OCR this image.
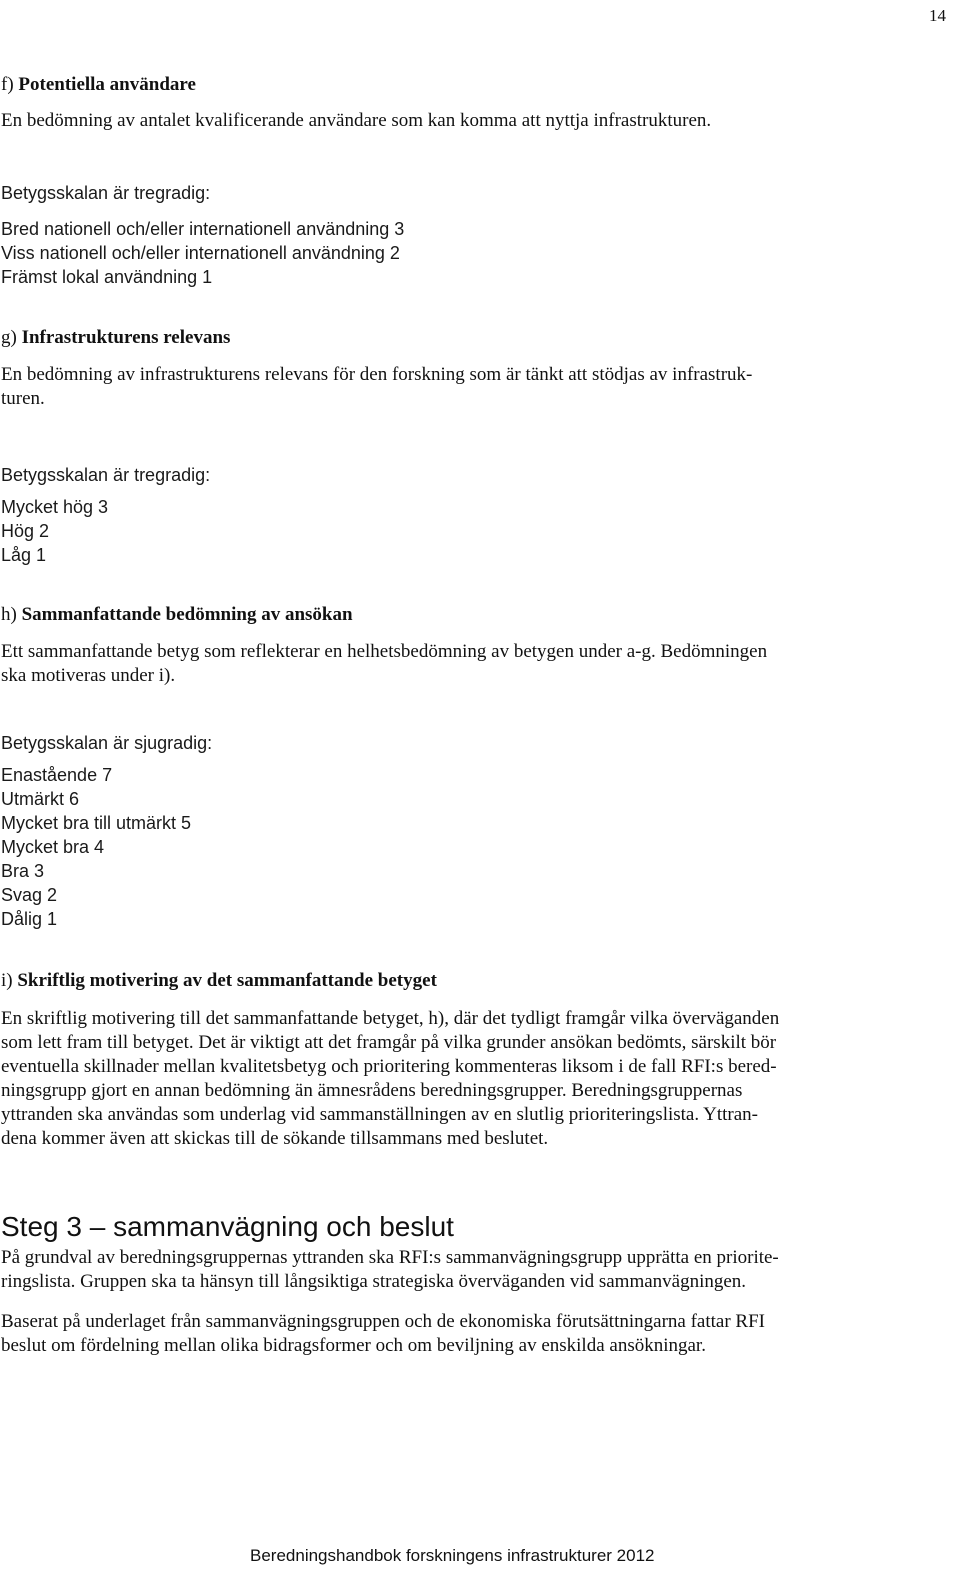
14
f) Potentiella användare
En bedömning av antalet kvalificerande användare som kan komma att nyttja infrastrukturen.
Betygsskalan är tregradig:
Bred nationell och/eller internationell användning 3
Viss nationell och/eller internationell användning 2
Främst lokal användning 1
g) Infrastrukturens relevans
En bedömning av infrastrukturens relevans för den forskning som är tänkt att stödjas av infrastruk-
turen.
Betygsskalan är tregradig:
Mycket hög 3
Hög 2
Låg 1
h) Sammanfattande bedömning av ansökan
Ett sammanfattande betyg som reflekterar en helhetsbedömning av betygen under a-g. Bedömningen
ska motiveras under i).
Betygsskalan är sjugradig:
Enastående 7
Utmärkt 6
Mycket bra till utmärkt 5
Mycket bra 4
Bra 3
Svag 2
Dålig 1
i) Skriftlig motivering av det sammanfattande betyget
En skriftlig motivering till det sammanfattande betyget, h), där det tydligt framgår vilka överväganden
som lett fram till betyget. Det är viktigt att det framgår på vilka grunder ansökan bedömts, särskilt bör
eventuella skillnader mellan kvalitetsbetyg och prioritering kommenteras liksom i de fall RFI:s bered-
ningsgrupp gjort en annan bedömning än ämnesrådens beredningsgrupper. Beredningsgruppernas
yttranden ska användas som underlag vid sammanställningen av en slutlig prioriteringslista. Yttran-
dena kommer även att skickas till de sökande tillsammans med beslutet.
Steg 3 – sammanvägning och beslut
På grundval av beredningsgruppernas yttranden ska RFI:s sammanvägningsgrupp upprätta en priorite-
ringslista. Gruppen ska ta hänsyn till långsiktiga strategiska överväganden vid sammanvägningen.
Baserat på underlaget från sammanvägningsgruppen och de ekonomiska förutsättningarna fattar RFI
beslut om fördelning mellan olika bidragsformer och om beviljning av enskilda ansökningar.
Beredningshandbok forskningens infrastrukturer 2012
